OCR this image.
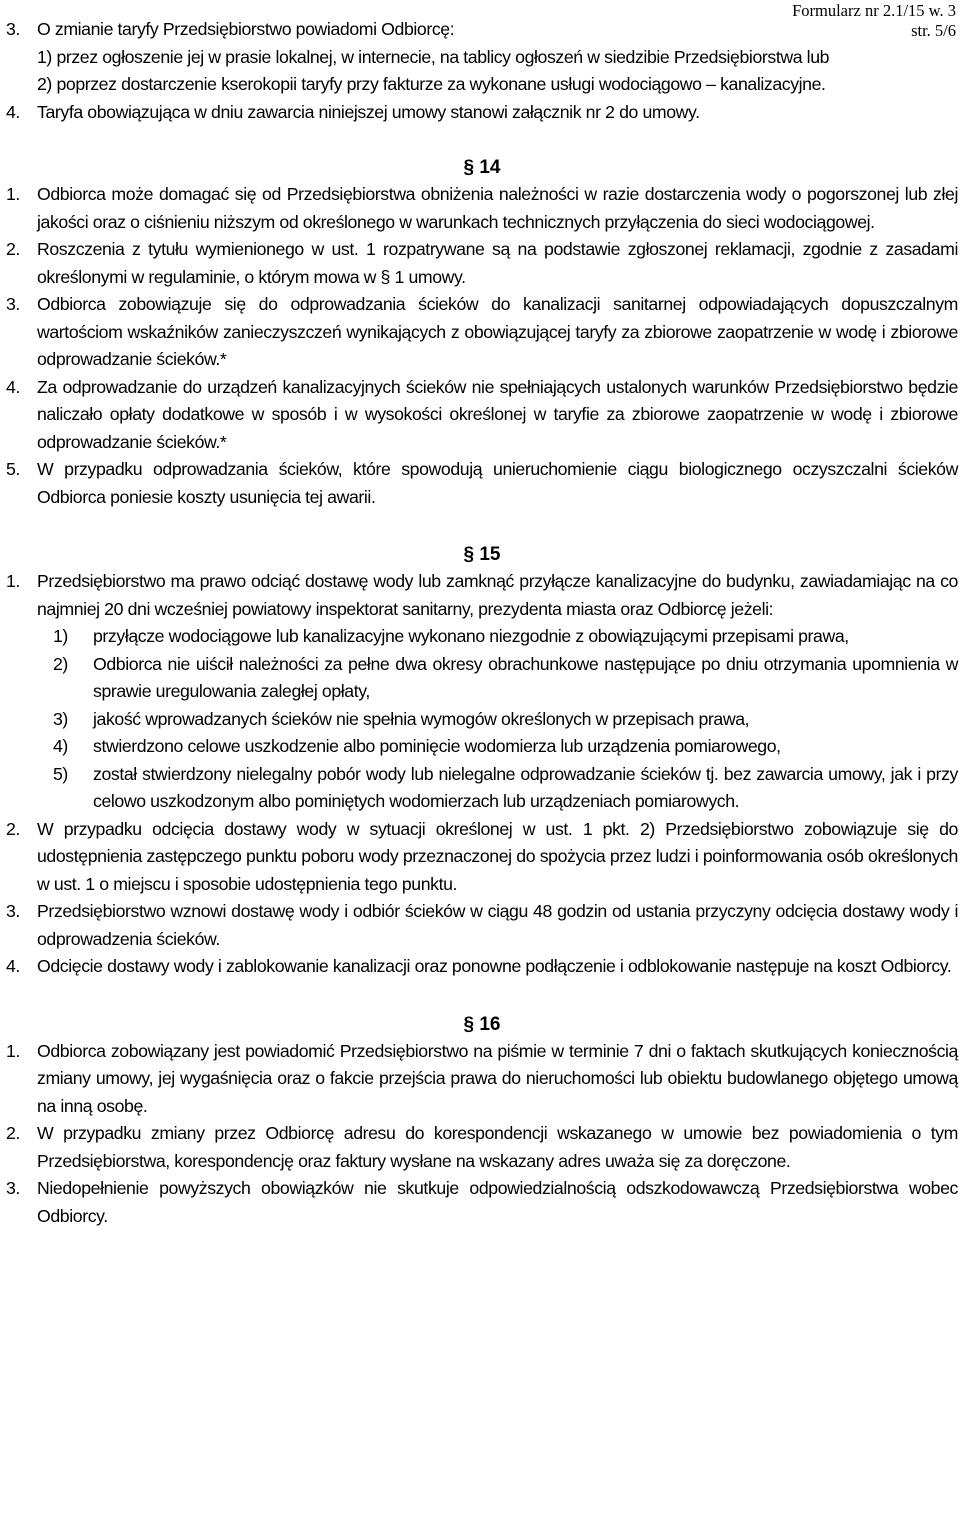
Formularz nr 2.1/15 w. 3
str. 5/6
3. O zmianie taryfy Przedsiębiorstwo powiadomi Odbiorcę:
1) przez ogłoszenie jej w prasie lokalnej, w internecie, na tablicy ogłoszeń w siedzibie Przedsiębiorstwa lub
2) poprzez dostarczenie kserokopii taryfy przy fakturze za wykonane usługi wodociągowo – kanalizacyjne.
4. Taryfa obowiązująca w dniu zawarcia niniejszej umowy stanowi załącznik nr 2 do umowy.
§ 14
1. Odbiorca może domagać się od Przedsiębiorstwa obniżenia należności w razie dostarczenia wody o pogorszonej lub złej jakości oraz o ciśnieniu niższym od określonego w warunkach technicznych przyłączenia do sieci wodociągowej.
2. Roszczenia z tytułu wymienionego w ust. 1 rozpatrywane są na podstawie zgłoszonej reklamacji, zgodnie z zasadami określonymi w regulaminie, o którym mowa w § 1 umowy.
3. Odbiorca zobowiązuje się do odprowadzania ścieków do kanalizacji sanitarnej odpowiadających dopuszczalnym wartościom wskaźników zanieczyszczeń wynikających z obowiązującej taryfy za zbiorowe zaopatrzenie w wodę i zbiorowe odprowadzanie ścieków.*
4. Za odprowadzanie do urządzeń kanalizacyjnych ścieków nie spełniających ustalonych warunków Przedsiębiorstwo będzie naliczało opłaty dodatkowe w sposób i w wysokości określonej w taryfie za zbiorowe zaopatrzenie w wodę i zbiorowe odprowadzanie ścieków.*
5. W przypadku odprowadzania ścieków, które spowodują unieruchomienie ciągu biologicznego oczyszczalni ścieków Odbiorca poniesie koszty usunięcia tej awarii.
§ 15
1. Przedsiębiorstwo ma prawo odciąć dostawę wody lub zamknąć przyłącze kanalizacyjne do budynku, zawiadamiając na co najmniej 20 dni wcześniej powiatowy inspektorat sanitarny, prezydenta miasta oraz Odbiorcę jeżeli:
1)	przyłącze wodociągowe lub kanalizacyjne wykonano niezgodnie z obowiązującymi przepisami prawa,
2)	Odbiorca nie uiścił należności za pełne dwa okresy obrachunkowe następujące po dniu otrzymania upomnienia w sprawie uregulowania zaległej opłaty,
3)	jakość wprowadzanych ścieków nie spełnia wymogów określonych w przepisach prawa,
4)	stwierdzono celowe uszkodzenie albo pominięcie wodomierza lub urządzenia pomiarowego,
5)	został stwierdzony nielegalny pobór wody lub nielegalne odprowadzanie ścieków tj. bez zawarcia umowy, jak i przy celowo uszkodzonym albo pominiętych wodomierzach lub urządzeniach pomiarowych.
2. W przypadku odcięcia dostawy wody w sytuacji określonej w ust. 1 pkt. 2) Przedsiębiorstwo zobowiązuje się do udostępnienia zastępczego punktu poboru wody przeznaczonej do spożycia przez ludzi i poinformowania osób określonych w ust. 1 o miejscu i sposobie udostępnienia tego punktu.
3. Przedsiębiorstwo wznowi dostawę wody i odbiór ścieków w ciągu 48 godzin od ustania przyczyny odcięcia dostawy wody i odprowadzenia ścieków.
4. Odcięcie dostawy wody i zablokowanie kanalizacji oraz ponowne podłączenie i odblokowanie następuje na koszt Odbiorcy.
§ 16
1. Odbiorca zobowiązany jest powiadomić Przedsiębiorstwo na piśmie w terminie 7 dni o faktach skutkujących koniecznością zmiany umowy, jej wygaśnięcia oraz o fakcie przejścia prawa do nieruchomości lub obiektu budowlanego objętego umową na inną osobę.
2. W przypadku zmiany przez Odbiorcę adresu do korespondencji wskazanego w umowie bez powiadomienia o tym Przedsiębiorstwa, korespondencję oraz faktury wysłane na wskazany adres uważa się za doręczone.
3. Niedopełnienie powyższych obowiązków nie skutkuje odpowiedzialnością odszkodowawczą Przedsiębiorstwa wobec Odbiorcy.
